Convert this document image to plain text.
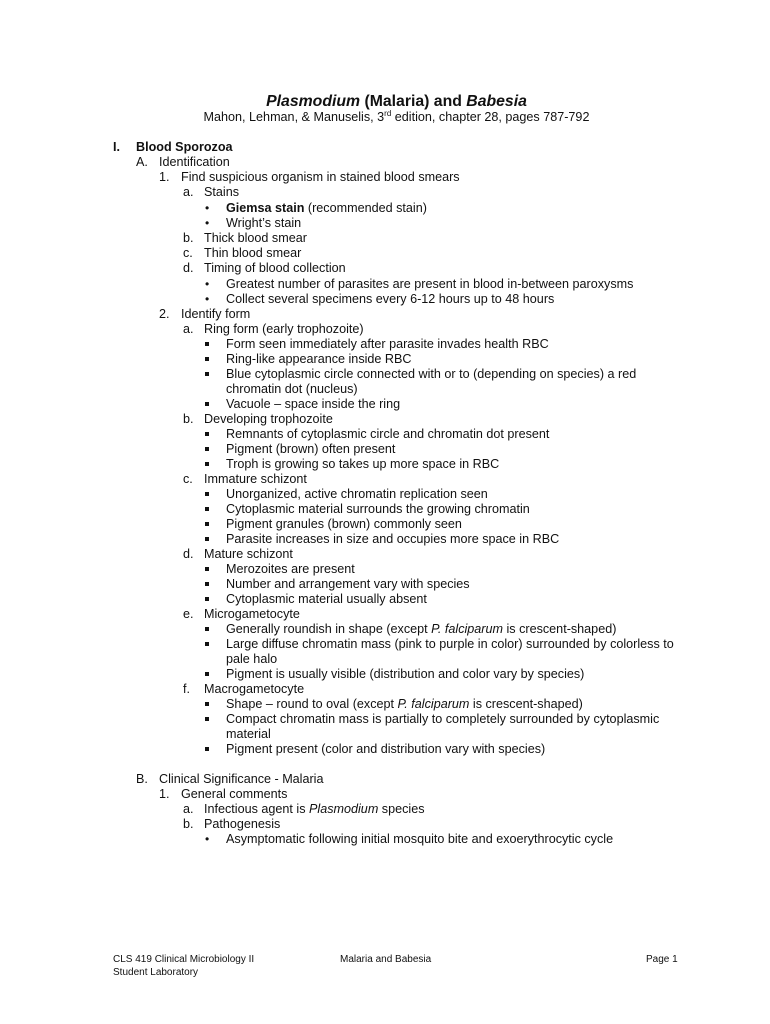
Plasmodium (Malaria) and Babesia
Mahon, Lehman, & Manuselis, 3rd edition, chapter 28, pages 787-792
I. Blood Sporozoa
A. Identification
1. Find suspicious organism in stained blood smears
a. Stains
• Giemsa stain (recommended stain)
• Wright’s stain
b. Thick blood smear
c. Thin blood smear
d. Timing of blood collection
• Greatest number of parasites are present in blood in-between paroxysms
• Collect several specimens every 6-12 hours up to 48 hours
2. Identify form
a. Ring form (early trophozoite)
Form seen immediately after parasite invades health RBC
Ring-like appearance inside RBC
Blue cytoplasmic circle connected with or to (depending on species) a red
chromatin dot (nucleus)
Vacuole – space inside the ring
b. Developing trophozoite
Remnants of cytoplasmic circle and chromatin dot present
Pigment (brown) often present
Troph is growing so takes up more space in RBC
c. Immature schizont
Unorganized, active chromatin replication seen
Cytoplasmic material surrounds the growing chromatin
Pigment granules (brown) commonly seen
Parasite increases in size and occupies more space in RBC
d. Mature schizont
Merozoites are present
Number and arrangement vary with species
Cytoplasmic material usually absent
e. Microgametocyte
Generally roundish in shape (except P. falciparum is crescent-shaped)
Large diffuse chromatin mass (pink to purple in color) surrounded by colorless to
pale halo
Pigment is usually visible (distribution and color vary by species)
f. Macrogametocyte
Shape – round to oval (except P. falciparum is crescent-shaped)
Compact chromatin mass is partially to completely surrounded by cytoplasmic
material
Pigment present (color and distribution vary with species)
B. Clinical Significance - Malaria
1. General comments
a. Infectious agent is Plasmodium species
b. Pathogenesis
• Asymptomatic following initial mosquito bite and exoerythrocytic cycle
CLS 419 Clinical Microbiology II
Student Laboratory
Malaria and Babesia	Page 1
